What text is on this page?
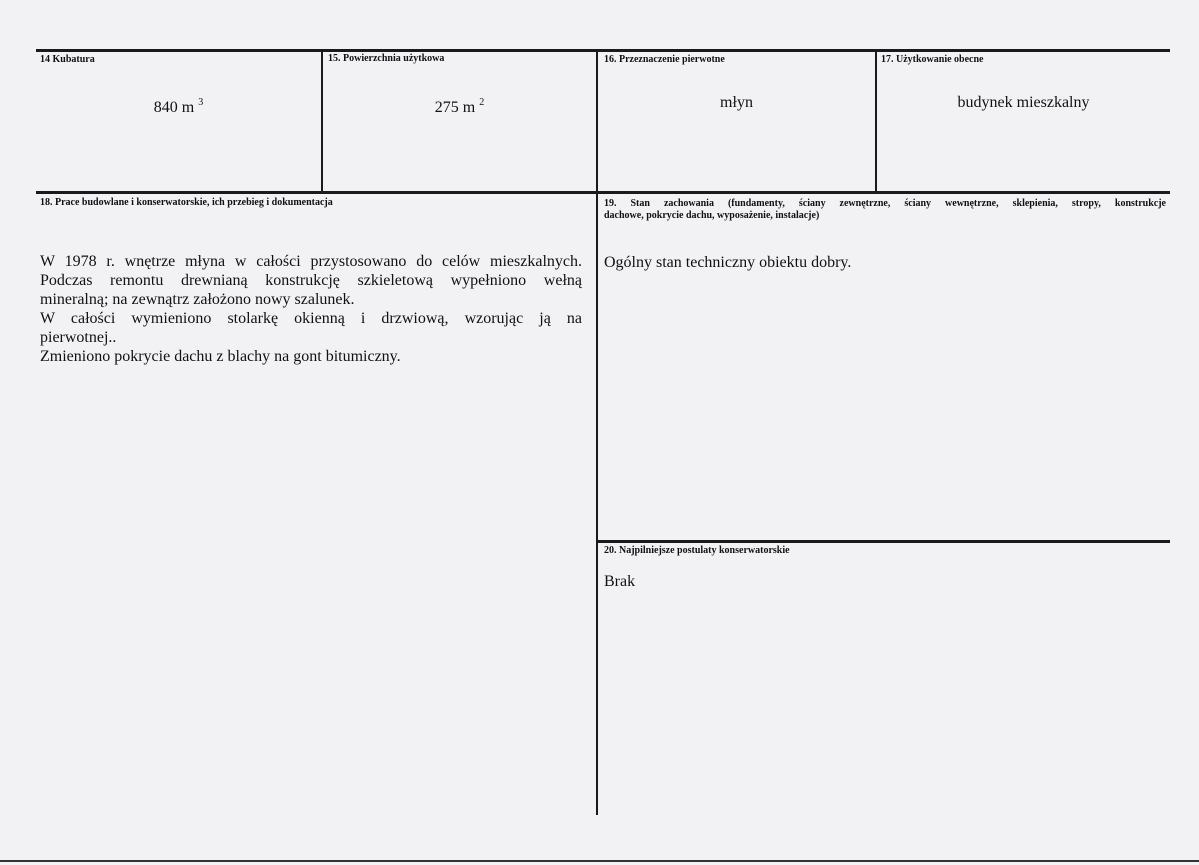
14 Kubatura
840 m $^3$
15. Powierzchnia użytkowa
275 m $^2$
16. Przeznaczenie pierwotne
młyn
17. Użytkowanie obecne
budynek mieszkalny
18. Prace budowlane i konserwatorskie, ich przebieg i dokumentacja
W 1978 r. wnętrze młyna w całości przystosowano do celów mieszkalnych.
Podczas remontu drewnianą konstrukcję szkieletową wypełniono wełną
mineralną; na zewnątrz założono nowy szalunek.
W całości wymieniono stolarkę okienną i drzwiową, wzorując ją na
pierwotnej..
Zmieniono pokrycie dachu z blachy na gont bitumiczny.
19. Stan zachowania (fundamenty, ściany zewnętrzne, ściany wewnętrzne, sklepienia, stropy, konstrukcje
dachowe, pokrycie dachu, wyposażenie, instalacje)
Ogólny stan techniczny obiektu dobry.
20. Najpilniejsze postulaty konserwatorskie
Brak
